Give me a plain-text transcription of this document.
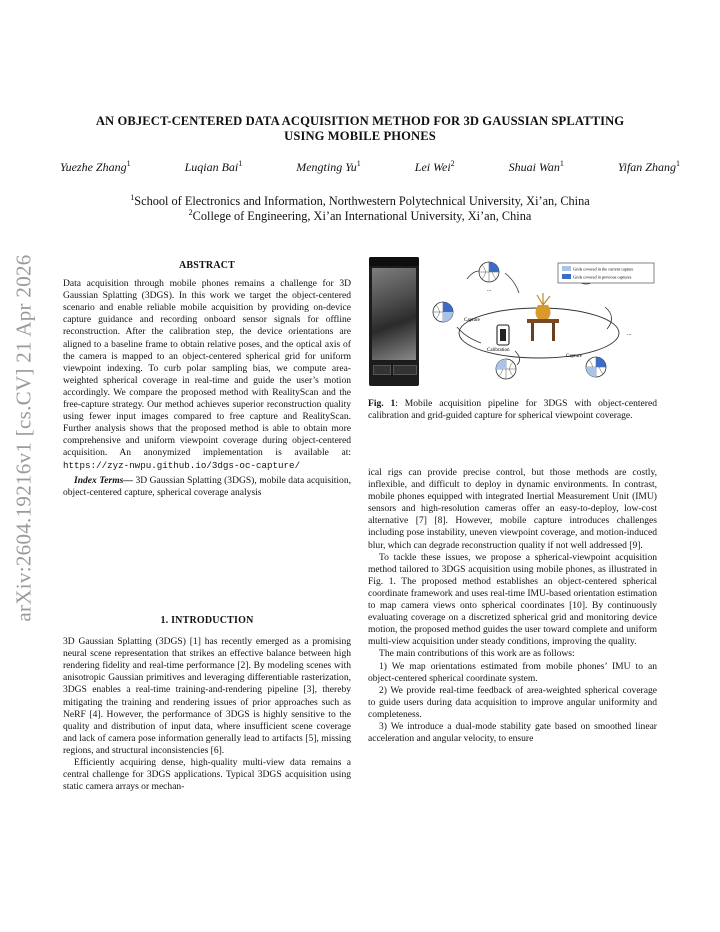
AN OBJECT-CENTERED DATA ACQUISITION METHOD FOR 3D GAUSSIAN SPLATTING
USING MOBILE PHONES
Yuezhe Zhang$^1$	Luqian Bai$^1$	Mengting Yu$^1$	Lei Wei$^2$	Shuai Wan$^1$	Yifan Zhang$^1$
$^1$School of Electronics and Information, Northwestern Polytechnical University, Xi’an, China
$^2$College of Engineering, Xi’an International University, Xi’an, China
arXiv:2604.19216v1 [cs.CV] 21 Apr 2026	ABSTRACT

Data acquisition through mobile phones remains a challenge for 3D Gaussian Splatting (3DGS). In this work we target the object-centered scenario and enable reliable mobile acquisition by providing on-device capture guidance and recording onboard sensor signals for offline reconstruction. After the calibration step, the device orientations are aligned to a baseline frame to obtain relative poses, and the optical axis of the camera is mapped to an object-centered spherical grid for uniform viewpoint indexing. To curb polar sampling bias, we compute area-weighted spherical coverage in real-time and guide the user’s motion accordingly. We compare the proposed method with RealityScan and the free-capture strategy. Our method achieves superior reconstruction quality using fewer input images compared to free capture and RealityScan. Further analysis shows that the proposed method is able to obtain more comprehensive and uniform viewpoint coverage during object-centered acquisition. An anonymized implementation is available at: https://zyz-nwpu.github.io/3dgs-oc-capture/

Index Terms— 3D Gaussian Splatting (3DGS), mobile data acquisition, object-centered capture, spherical coverage analysis

1. INTRODUCTION

3D Gaussian Splatting (3DGS) [1] has recently emerged as a promising neural scene representation that strikes an effective balance between high rendering fidelity and real-time performance [2]. By modeling scenes with anisotropic Gaussian primitives and leveraging differentiable rasterization, 3DGS enables a real-time training-and-rendering pipeline [3], thereby mitigating the training and rendering issues of prior approaches such as NeRF [4]. However, the performance of 3DGS is highly sensitive to the quality and distribution of input data, where insufficient scene coverage and lack of camera pose information generally lead to artifacts [5], missing regions, and structural inconsistencies [6].

Efficiently acquiring dense, high-quality multi-view data remains a central challenge for 3DGS applications. Typical 3DGS acquisition using static camera arrays or mechan-

Grids covered in the current capture
Grids covered in previous captures
Capture
Capture
Calibration
...
...

Fig. 1: Mobile acquisition pipeline for 3DGS with object-centered calibration and grid-guided capture for spherical viewpoint coverage.

ical rigs can provide precise control, but those methods are costly, inflexible, and difficult to deploy in dynamic environments. In contrast, mobile phones equipped with integrated Inertial Measurement Unit (IMU) sensors and high-resolution cameras offer an easy-to-deploy, low-cost alternative [7] [8]. However, mobile capture introduces challenges including pose instability, uneven viewpoint coverage, and motion-induced blur, which can degrade reconstruction quality if not well addressed [9].

To tackle these issues, we propose a spherical-viewpoint acquisition method tailored to 3DGS acquisition using mobile phones, as illustrated in Fig. 1. The proposed method establishes an object-centered spherical coordinate framework and uses real-time IMU-based orientation estimation to map camera views onto spherical coordinates [10]. By continuously evaluating coverage on a discretized spherical grid and monitoring device motion, the proposed method guides the user toward complete and uniform multi-view acquisition under steady conditions, improving the quality.

The main contributions of this work are as follows:

1) We map orientations estimated from mobile phones’ IMU to an object-centered spherical coordinate system.

2) We provide real-time feedback of area-weighted spherical coverage to guide users during data acquisition to improve angular uniformity and completeness.

3) We introduce a dual-mode stability gate based on smoothed linear acceleration and angular velocity, to ensure
